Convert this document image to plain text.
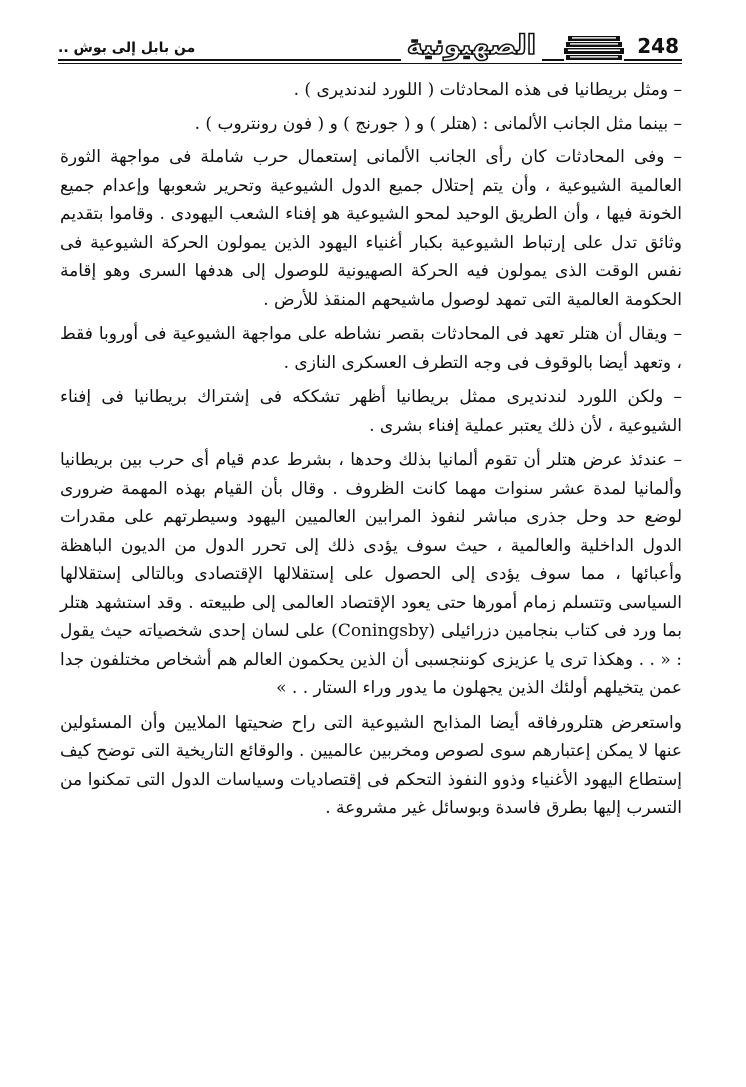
248
الصهيونية
.. من بابل إلى بوش

– ومثل بريطانيا فى هذه المحادثات ( اللورد لندنديرى ) .

– بينما مثل الجانب الألمانى : (هتلر ) و ( جورنج ) و ( فون رونتروب ) .

– وفى المحادثات كان رأى الجانب الألمانى إستعمال حرب شاملة فى مواجهة الثورة العالمية الشيوعية ، وأن يتم إحتلال جميع الدول الشيوعية وتحرير شعوبها وإعدام جميع الخونة فيها ، وأن الطريق الوحيد لمحو الشيوعية هو إفناء الشعب اليهودى . وقاموا بتقديم وثائق تدل على إرتباط الشيوعية بكبار أغنياء اليهود الذين يمولون الحركة الشيوعية فى نفس الوقت الذى يمولون فيه الحركة الصهيونية للوصول إلى هدفها السرى وهو إقامة الحكومة العالمية التى تمهد لوصول ماشيحهم المنقذ للأرض .

– ويقال أن هتلر تعهد فى المحادثات بقصر نشاطه على مواجهة الشيوعية فى أوروبا فقط ، وتعهد أيضا بالوقوف فى وجه التطرف العسكرى النازى .

– ولكن اللورد لندنديرى ممثل بريطانيا أظهر تشككه فى إشتراك بريطانيا فى إفناء الشيوعية ، لأن ذلك يعتبر عملية إفناء بشرى .

– عندئذ عرض هتلر أن تقوم ألمانيا بذلك وحدها ، بشرط عدم قيام أى حرب بين بريطانيا وألمانيا لمدة عشر سنوات مهما كانت الظروف . وقال بأن القيام بهذه المهمة ضرورى لوضع حد وحل جذرى مباشر لنفوذ المرابين العالميين اليهود وسيطرتهم على مقدرات الدول الداخلية والعالمية ، حيث سوف يؤدى ذلك إلى تحرر الدول من الديون الباهظة وأعبائها ، مما سوف يؤدى إلى الحصول على إستقلالها الإقتصادى وبالتالى إستقلالها السياسى وتتسلم زمام أمورها حتى يعود الإقتصاد العالمى إلى طبيعته . وقد استشهد هتلر بما ورد فى كتاب بنجامين دزرائيلى (Coningsby) على لسان إحدى شخصياته حيث يقول : « . . وهكذا ترى يا عزيزى كوننجسبى أن الذين يحكمون العالم هم أشخاص مختلفون جدا عمن يتخيلهم أولئك الذين يجهلون ما يدور وراء الستار . . »

واستعرض هتلرورفاقه أيضا المذابح الشيوعية التى راح ضحيتها الملايين وأن المسئولين عنها لا يمكن إعتبارهم سوى لصوص ومخربين عالميين . والوقائع التاريخية التى توضح كيف إستطاع اليهود الأغنياء وذوو النفوذ التحكم فى إقتصاديات وسياسات الدول التى تمكنوا من التسرب إليها بطرق فاسدة وبوسائل غير مشروعة .
